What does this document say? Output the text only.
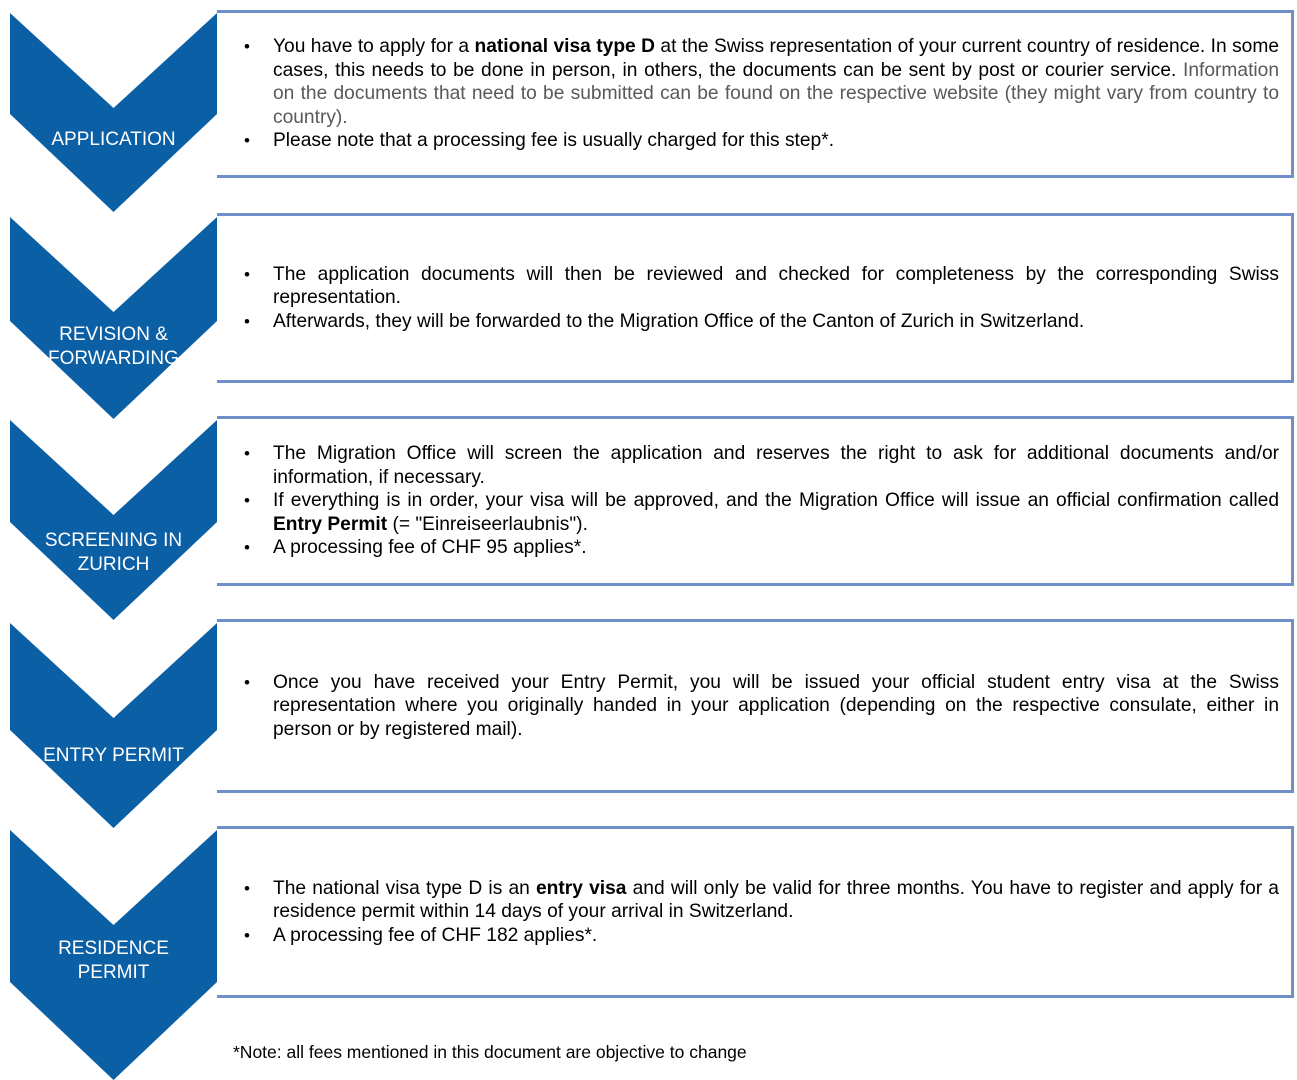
APPLICATION
• You have to apply for a national visa type D at the Swiss representation of your current country of residence. In some cases, this needs to be done in person, in others, the documents can be sent by post or courier service. Information on the documents that need to be submitted can be found on the respective website (they might vary from country to country).
• Please note that a processing fee is usually charged for this step*.
REVISION &
FORWARDING
• The application documents will then be reviewed and checked for completeness by the corresponding Swiss representation.
• Afterwards, they will be forwarded to the Migration Office of the Canton of Zurich in Switzerland.
SCREENING IN
ZURICH
• The Migration Office will screen the application and reserves the right to ask for additional documents and/or information, if necessary.
• If everything is in order, your visa will be approved, and the Migration Office will issue an official confirmation called Entry Permit (= "Einreiseerlaubnis").
• A processing fee of CHF 95 applies*.
ENTRY PERMIT
• Once you have received your Entry Permit, you will be issued your official student entry visa at the Swiss representation where you originally handed in your application (depending on the respective consulate, either in person or by registered mail).
RESIDENCE
PERMIT
• The national visa type D is an entry visa and will only be valid for three months. You have to register and apply for a residence permit within 14 days of your arrival in Switzerland.
• A processing fee of CHF 182 applies*.
*Note: all fees mentioned in this document are objective to change
